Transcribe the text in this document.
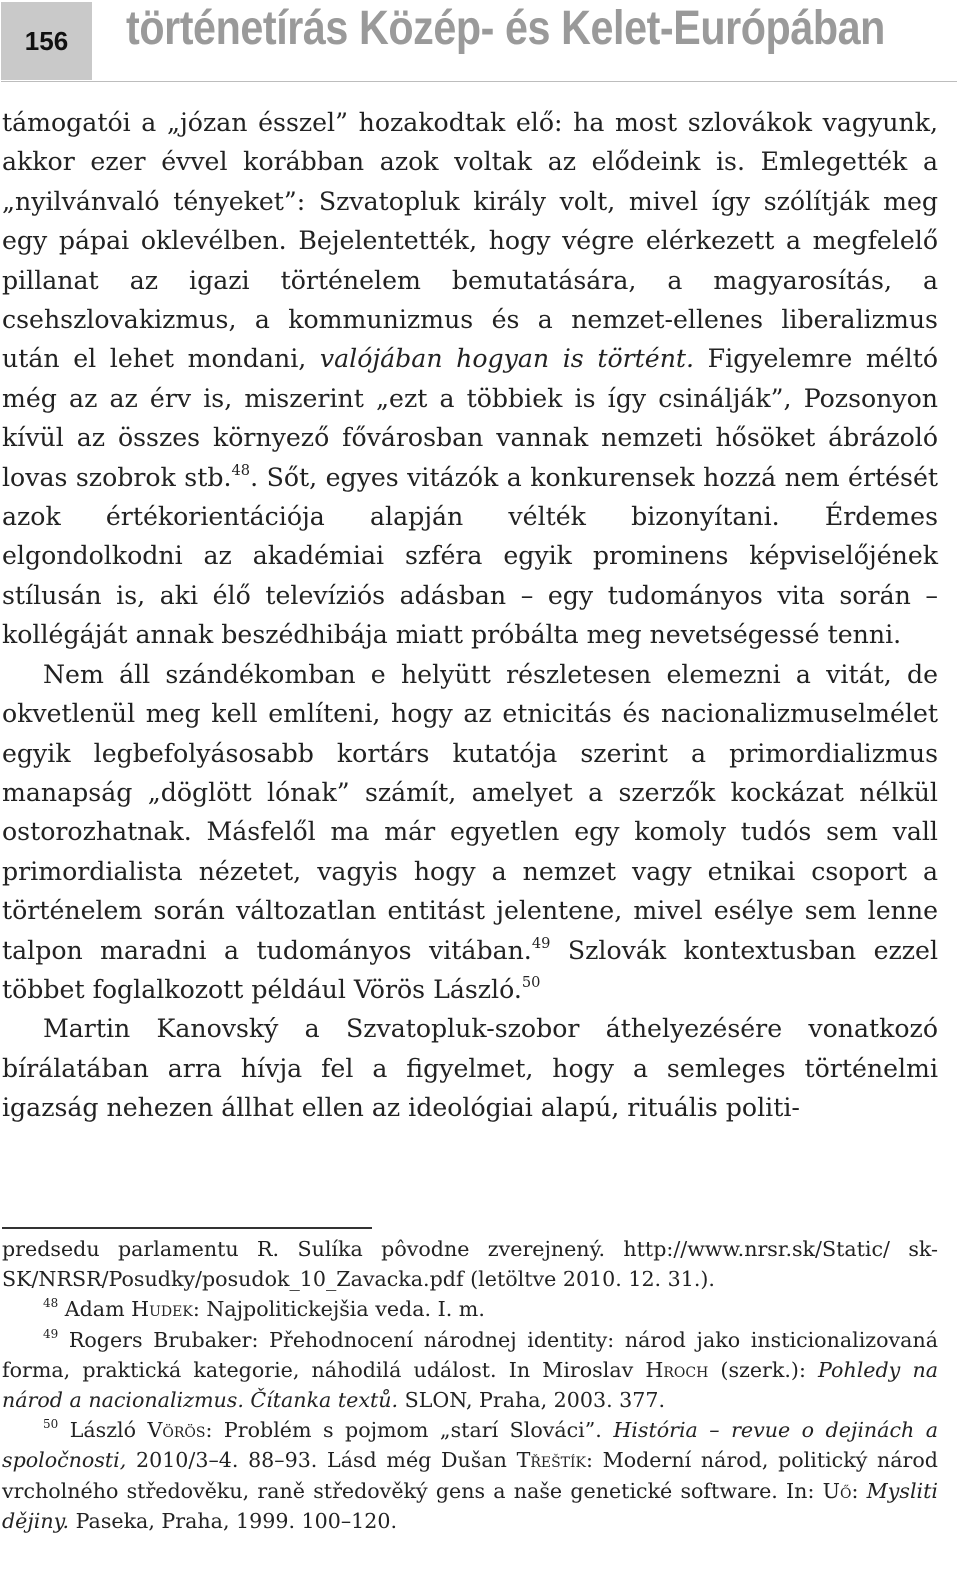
156	történetírás Közép- és Kelet-Európában

támogatói a „józan ésszel” hozakodtak elő: ha most szlovákok vagyunk, akkor ezer évvel korábban azok voltak az elődeink is. Emlegették a „nyilvánvaló tényeket”: Szvatopluk király volt, mivel így szólítják meg egy pápai oklevélben. Bejelentették, hogy végre elérkezett a megfelelő pillanat az igazi történelem bemutatására, a magyarosítás, a csehszlovakizmus, a kommunizmus és a nemzet-ellenes liberalizmus után el lehet mondani, valójában hogyan is történt. Figyelemre méltó még az az érv is, miszerint „ezt a többiek is így csinálják”, Pozsonyon kívül az összes környező fővárosban vannak nemzeti hősöket ábrázoló lovas szobrok stb.$^{48}$. Sőt, egyes vitázók a konkurensek hozzá nem értését azok értékorientációja alapján vélték bizonyítani. Érdemes elgondolkodni az akadémiai szféra egyik prominens képviselőjének stílusán is, aki élő televíziós adásban – egy tudományos vita során – kollégáját annak beszédhibája miatt próbálta meg nevetségessé tenni.

Nem áll szándékomban e helyütt részletesen elemezni a vitát, de okvetlenül meg kell említeni, hogy az etnicitás és nacionalizmuselmélet egyik legbefolyásosabb kortárs kutatója szerint a primordializmus manapság „döglött lónak” számít, amelyet a szerzők kockázat nélkül ostorozhatnak. Másfelől ma már egyetlen egy komoly tudós sem vall primordialista nézetet, vagyis hogy a nemzet vagy etnikai csoport a történelem során változatlan entitást jelentene, mivel esélye sem lenne talpon maradni a tudományos vitában.$^{49}$ Szlovák kontextusban ezzel többet foglalkozott például Vörös László.$^{50}$

Martin Kanovský a Szvatopluk-szobor áthelyezésére vonatkozó bírálatában arra hívja fel a figyelmet, hogy a semleges történelmi igazság nehezen állhat ellen az ideológiai alapú, rituális politi-

predsedu parlamentu R. Sulíka pôvodne zverejnený. http://www.nrsr.sk/Static/ sk-SK/NRSR/Posudky/posudok_10_Zavacka.pdf (letöltve 2010. 12. 31.).

$^{48}$ Adam Hudek: Najpolitickejšia veda. I. m.

$^{49}$ Rogers Brubaker: Přehodnocení národnej identity: národ jako insticionalizovaná forma, praktická kategorie, náhodilá událost. In Miroslav Hroch (szerk.): Pohledy na národ a nacionalizmus. Čítanka textů. SLON, Praha, 2003. 377.

$^{50}$ László Vörös: Problém s pojmom „starí Slováci”. História – revue o dejinách a spoločnosti, 2010/3–4. 88–93. Lásd még Dušan Třeštík: Moderní národ, politický národ vrcholného středověku, raně středověký gens a naše genetické software. In: Uő: Mysliti dějiny. Paseka, Praha, 1999. 100–120.
